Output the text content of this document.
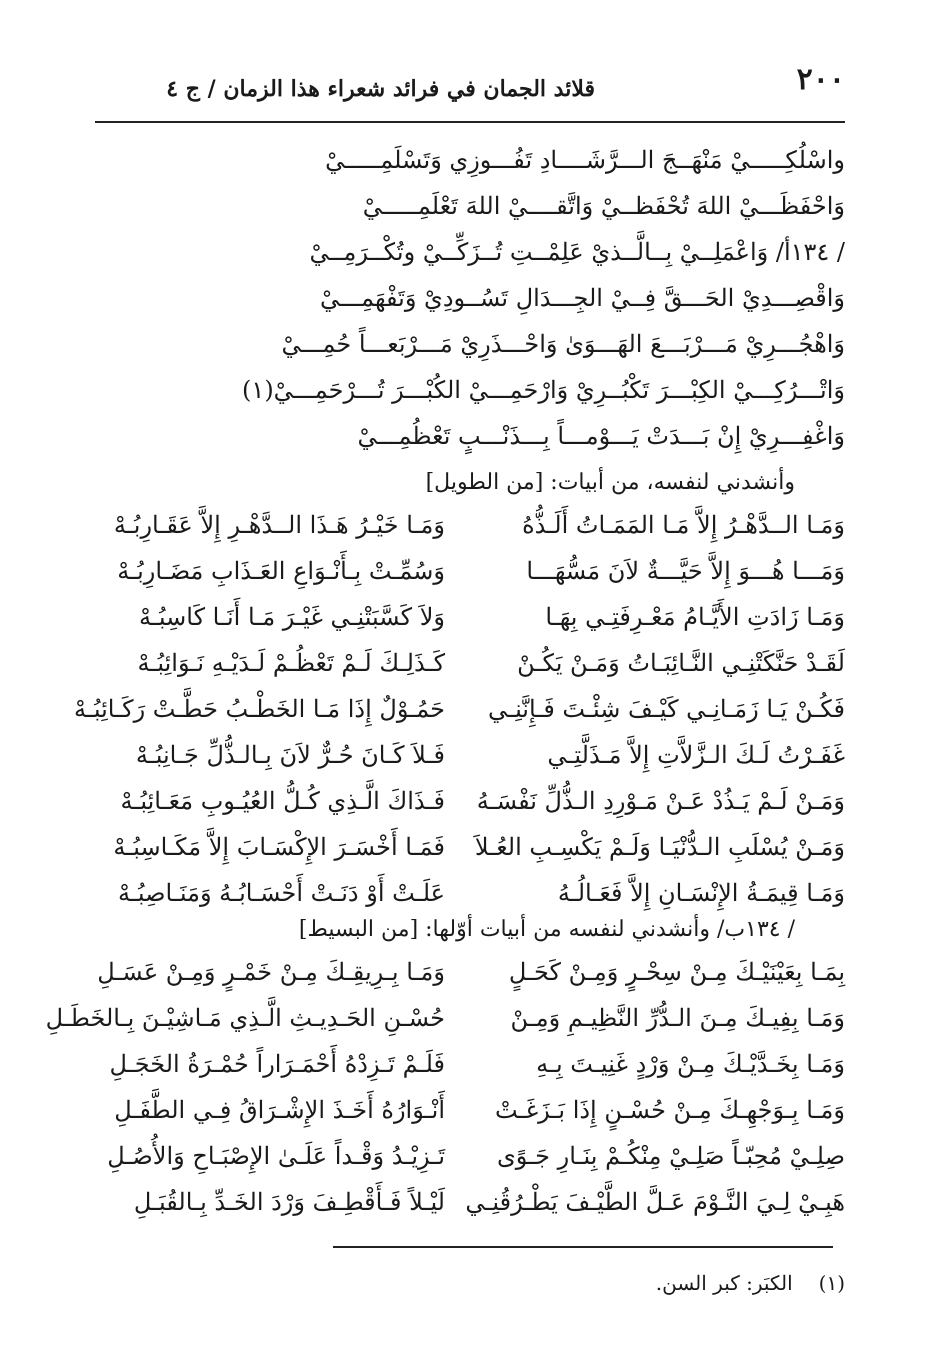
٢٠٠
قلائد الجمان في فرائد شعراء هذا الزمان / ج ٤
واسْلُكِـــــيْ مَنْهَــجَ الـــرَّشَــــادِ تَفُـــوزِي وَتَسْلَمِـــــيْ
وَاحْفَظَـــيْ اللهَ تُحْفَظــيْ وَاتَّقــــيْ اللهَ تَعْلَمِـــــيْ
/ ١٣٤أ/ وَاعْمَلِــيْ بِــالَّــذيْ عَلِمْــتِ تُــزَكِّــيْ وتُكْــرَمِــيْ
وَاقْصِـــدِيْ الحَـــقَّ فِــيْ الجِـــدَالِ تَسُــودِيْ وَتَفْهَمِـــيْ
وَاهْجُـــرِيْ مَـــرْبَـــعَ الهَـــوَىٰ وَاحْـــذَرِيْ مَـــرْبَعـــاً حُمِـــيْ
وَاتْـــرُكِـــيْ الكِبْـــرَ تَكْبُــرِيْ وَارْحَمِـــيْ الكُبْـــرَ تُـــرْحَمِـــيْ(١)
وَاغْفِـــرِيْ إِنْ بَـــدَتْ يَـــوْمـــاً بِـــذَنْـــبٍ تَعْظُمِـــيْ
وأنشدني لنفسه، من أبيات: [من الطويل]
وَمَـا الــدَّهْـرُ إِلاَّ مَـا المَمَـاتُ أَلَـذُّهُ
وَمَـا خَيْـرُ هَـذَا الــدَّهْـرِ إِلاَّ عَقَـارِبُـهْ
وَمَـــا هُـــوَ إِلاَّ حَيَّـــةٌ لاَنَ مَسُّهَـــا
وَسُمِّـتْ بِـأَنْـوَاعِ العَـذَابِ مَضَـارِبُـهْ
وَمَـا زَادَتِ الأَيَّـامُ مَعْـرِفَتِـي بِهَـا
وَلاَ كَسَّبَتْنِـي غَيْـرَ مَـا أَنَـا كَاسِبُـهْ
لَقَـدْ حَنَّكَتْنِـي النَّـائِبَـاتُ وَمَـنْ يَكُـنْ
كَـذَلِـكَ لَـمْ تَعْظُـمْ لَـدَيْـهِ نَـوَائِبُـهْ
فَكُـنْ يَـا زَمَـانِـي كَيْـفَ شِئْـتَ فَـإِنَّنِـي
حَمُـوْلٌ إِذَا مَـا الخَطْـبُ حَطَّـتْ رَكَـائِبُـهْ
غَفَـرْتُ لَـكَ الـزَّلاَّتِ إِلاَّ مَـذَلَّتِـي
فَـلاَ كَـانَ حُـرٌّ لاَنَ بِـالـذُّلِّ جَـانِبُـهْ
وَمَـنْ لَـمْ يَـذُدْ عَـنْ مَـوْرِدِ الـذُّلِّ نَفْسَـهُ
فَـذَاكَ الَّـذِي كُـلُّ العُيُـوبِ مَعَـائِبُـهْ
وَمَـنْ يُسْلَبِ الـدُّنْيَـا وَلَـمْ يَكْسِـبِ العُـلاَ
فَمَـا أَخْسَـرَ الإِكْسَـابَ إِلاَّ مَكَـاسِبُـهْ
وَمَـا قِيمَـةُ الإِنْسَـانِ إِلاَّ فَعَـالُـهُ
عَلَـتْ أَوْ دَنَـتْ أَحْسَـابُـهُ وَمَنَـاصِبُـهْ
/ ١٣٤ب/ وأنشدني لنفسه من أبيات أوّلها: [من البسيط]
بِمَـا بِعَيْنَيْـكَ مِـنْ سِحْـرٍ وَمِـنْ كَحَـلٍ
وَمَـا بِـرِيقِـكَ مِـنْ خَمْـرٍ وَمِـنْ عَسَـلِ
وَمَـا بِفِيـكَ مِـنَ الـدُّرِّ النَّظِيـمِ وَمِـنْ
حُسْـنِ الحَـدِيـثِ الَّـذِي مَـاشِيْـنَ بِـالخَطَـلِ
وَمَـا بِخَـدَّيْـكَ مِـنْ وَرْدٍ غَنِيـتَ بِـهِ
فَلَـمْ تَـزِدْهُ أَحْمَـرَاراً حُمْـرَةُ الخَجَـلِ
وَمَـا بِـوَجْهِـكَ مِـنْ حُسْـنٍ إِذَا بَـزَغَـتْ
أَنْـوَارُهُ أَخَـذَ الإِشْـرَاقُ فِـي الطَّفَـلِ
صِلِـيْ مُحِبّـاً صَلِـيْ مِنْكُـمْ بِنَـارِ جَـوًى
تَـزِيْـدُ وَقْـداً عَلَـىٰ الإِصْبَـاحِ وَالأُصُـلِ
هَبِـيْ لِـيَ النَّـوْمَ عَـلَّ الطَّيْـفَ يَطْـرُقُنِـي
لَيْـلاً فَـأَقْطِـفَ وَرْدَ الخَـدِّ بِـالقُبَـلِ
(١)الكبَر: كبر السن.
